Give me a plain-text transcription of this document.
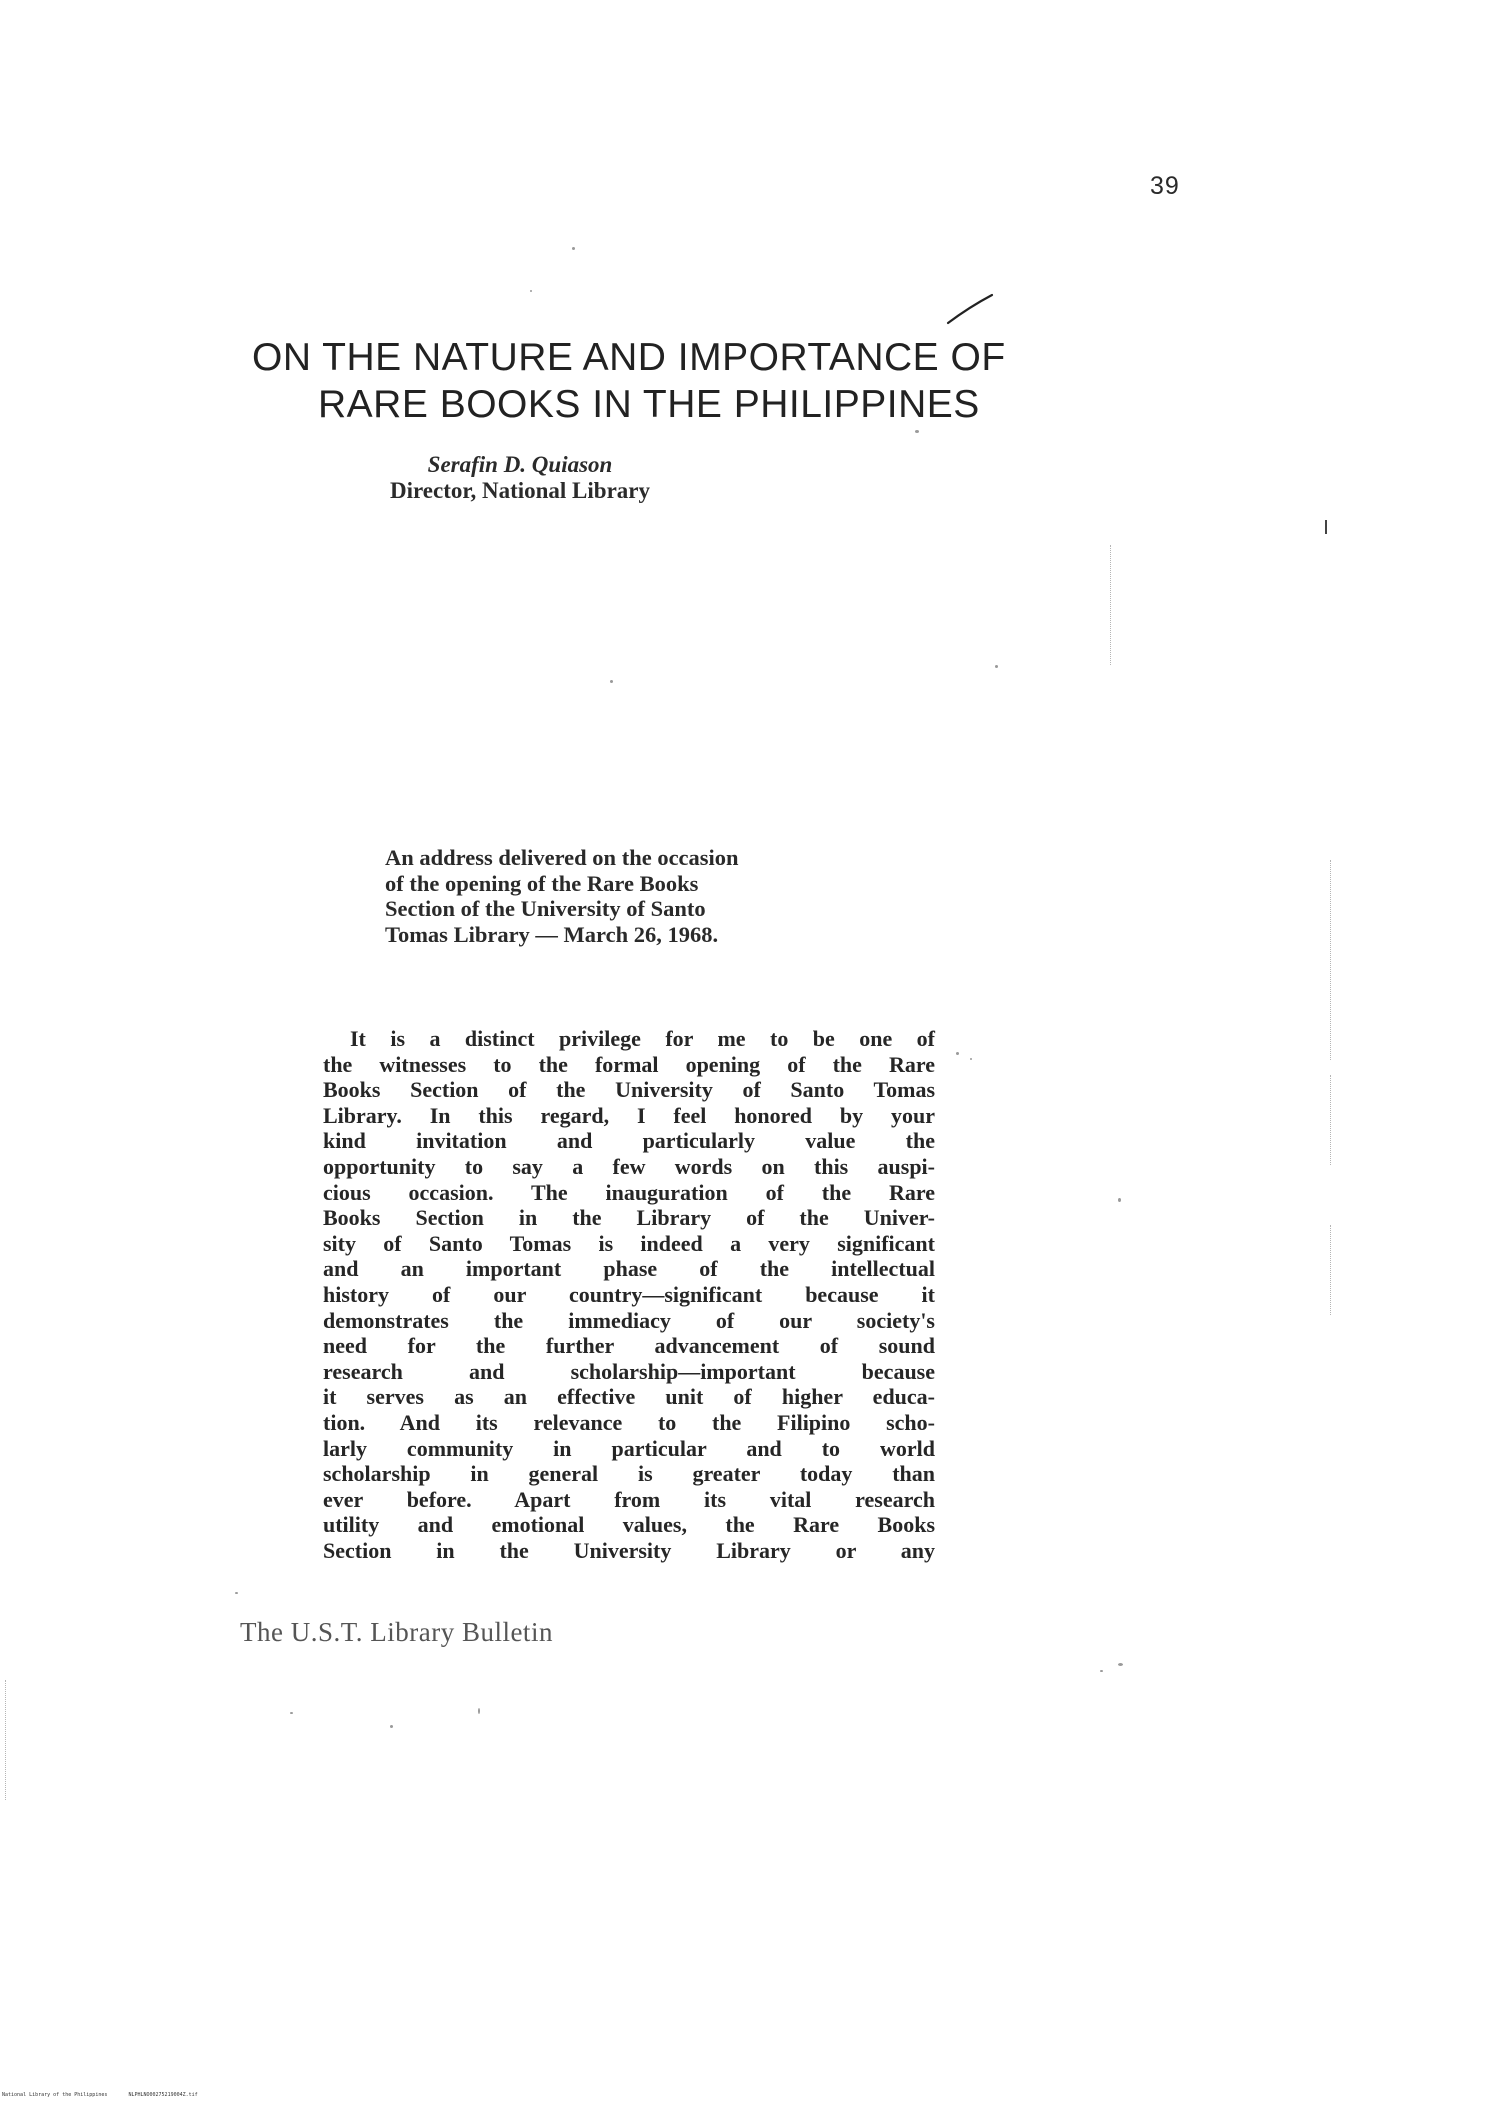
39
ON THE NATURE AND IMPORTANCE OF
RARE BOOKS IN THE PHILIPPINES
Serafin D. Quiason
Director, National Library
An address delivered on the occasion
of the opening of the Rare Books
Section of the University of Santo
Tomas Library — March 26, 1968.
It is a distinct privilege for me to be one of
the witnesses to the formal opening of the Rare
Books Section of the University of Santo Tomas
Library. In this regard, I feel honored by your
kind invitation and particularly value the
opportunity to say a few words on this auspi-
cious occasion. The inauguration of the Rare
Books Section in the Library of the Univer-
sity of Santo Tomas is indeed a very significant
and an important phase of the intellectual
history of our country—significant because it
demonstrates the immediacy of our society's
need for the further advancement of sound
research and scholarship—important because
it serves as an effective unit of higher educa-
tion. And its relevance to the Filipino scho-
larly community in particular and to world
scholarship in general is greater today than
ever before. Apart from its vital research
utility and emotional values, the Rare Books
Section in the University Library or any
The U.S.T. Library Bulletin
National Library of the Philippines	NLPHLNO00275219004Z.tif
